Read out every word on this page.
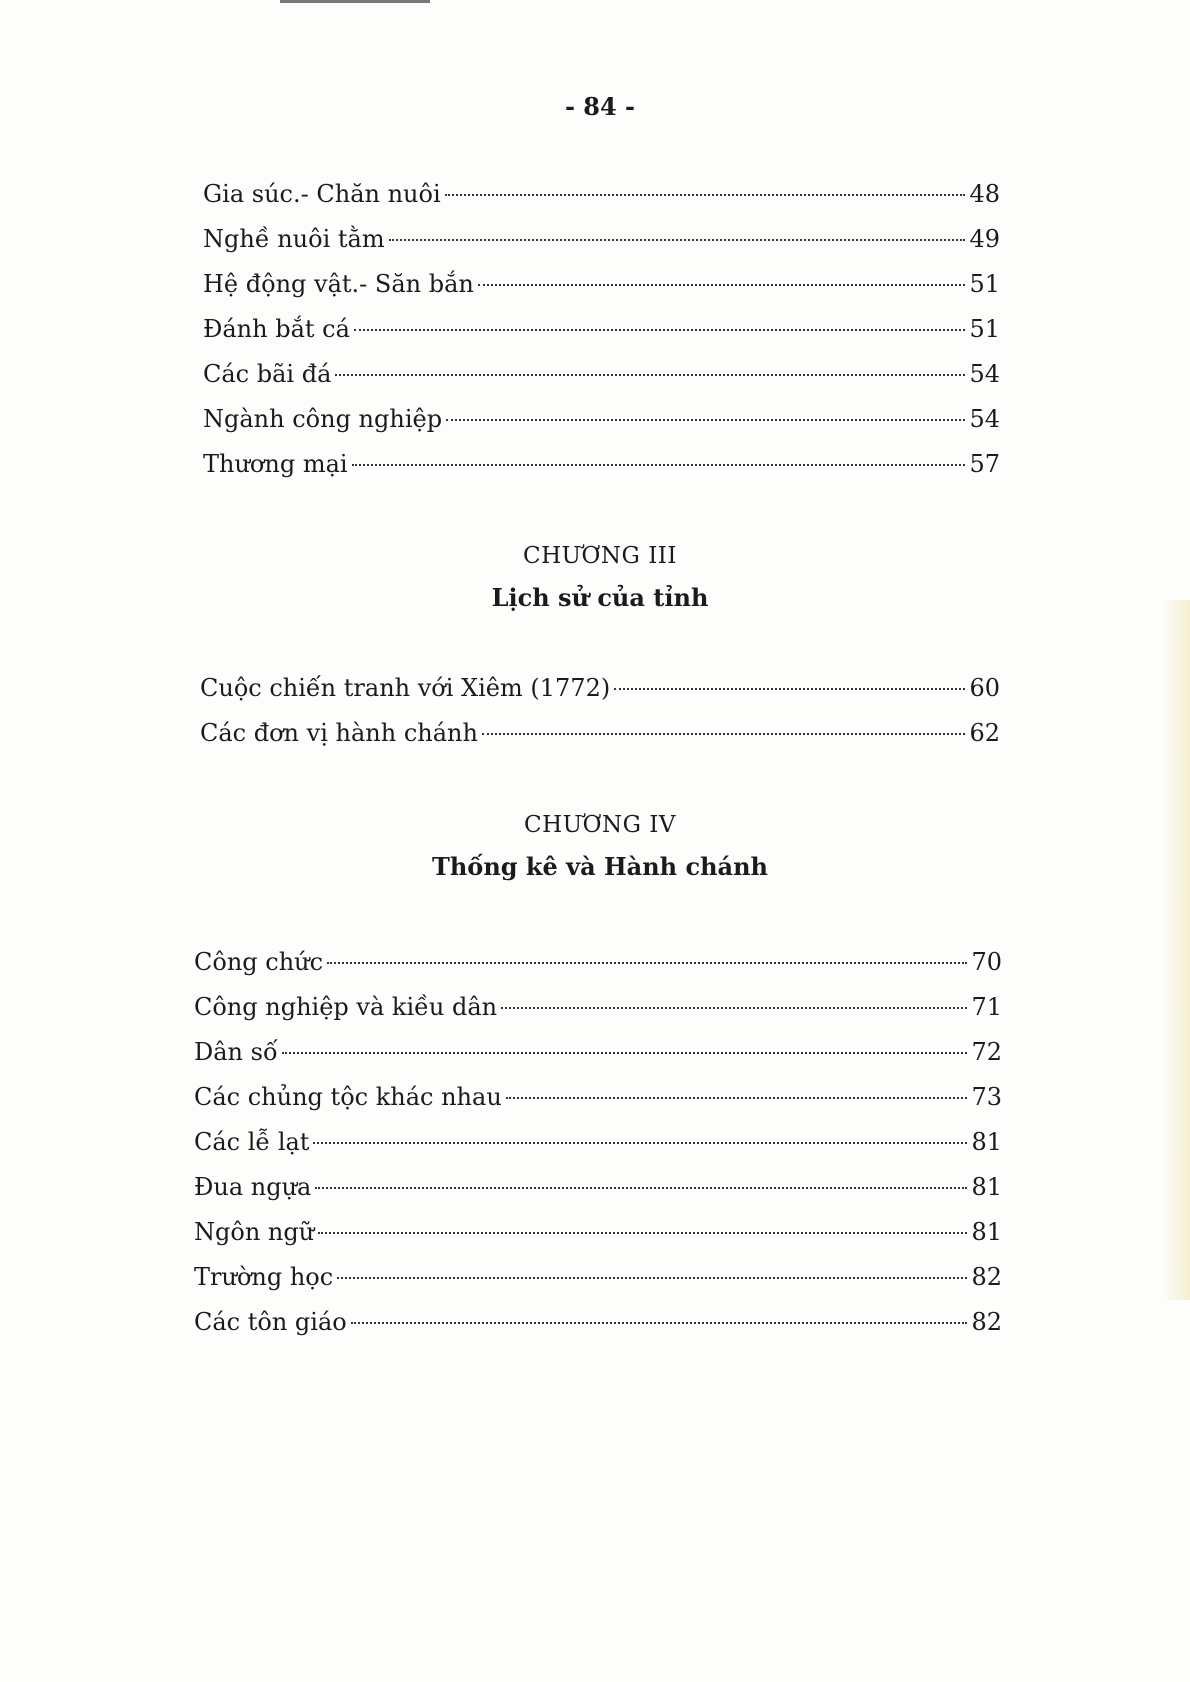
- 84 -
Gia súc.- Chăn nuôi	48
Nghề nuôi tằm	49
Hệ động vật.- Săn bắn	51
Đánh bắt cá	51
Các bãi đá	54
Ngành công nghiệp	54
Thương mại	57
CHƯƠNG III
Lịch sử của tỉnh
Cuộc chiến tranh với Xiêm (1772)	60
Các đơn vị hành chánh	62
CHƯƠNG IV
Thống kê và Hành chánh
Công chức	70
Công nghiệp và kiều dân	71
Dân số	72
Các chủng tộc khác nhau	73
Các lễ lạt	81
Đua ngựa	81
Ngôn ngữ	81
Trường học	82
Các tôn giáo	82
